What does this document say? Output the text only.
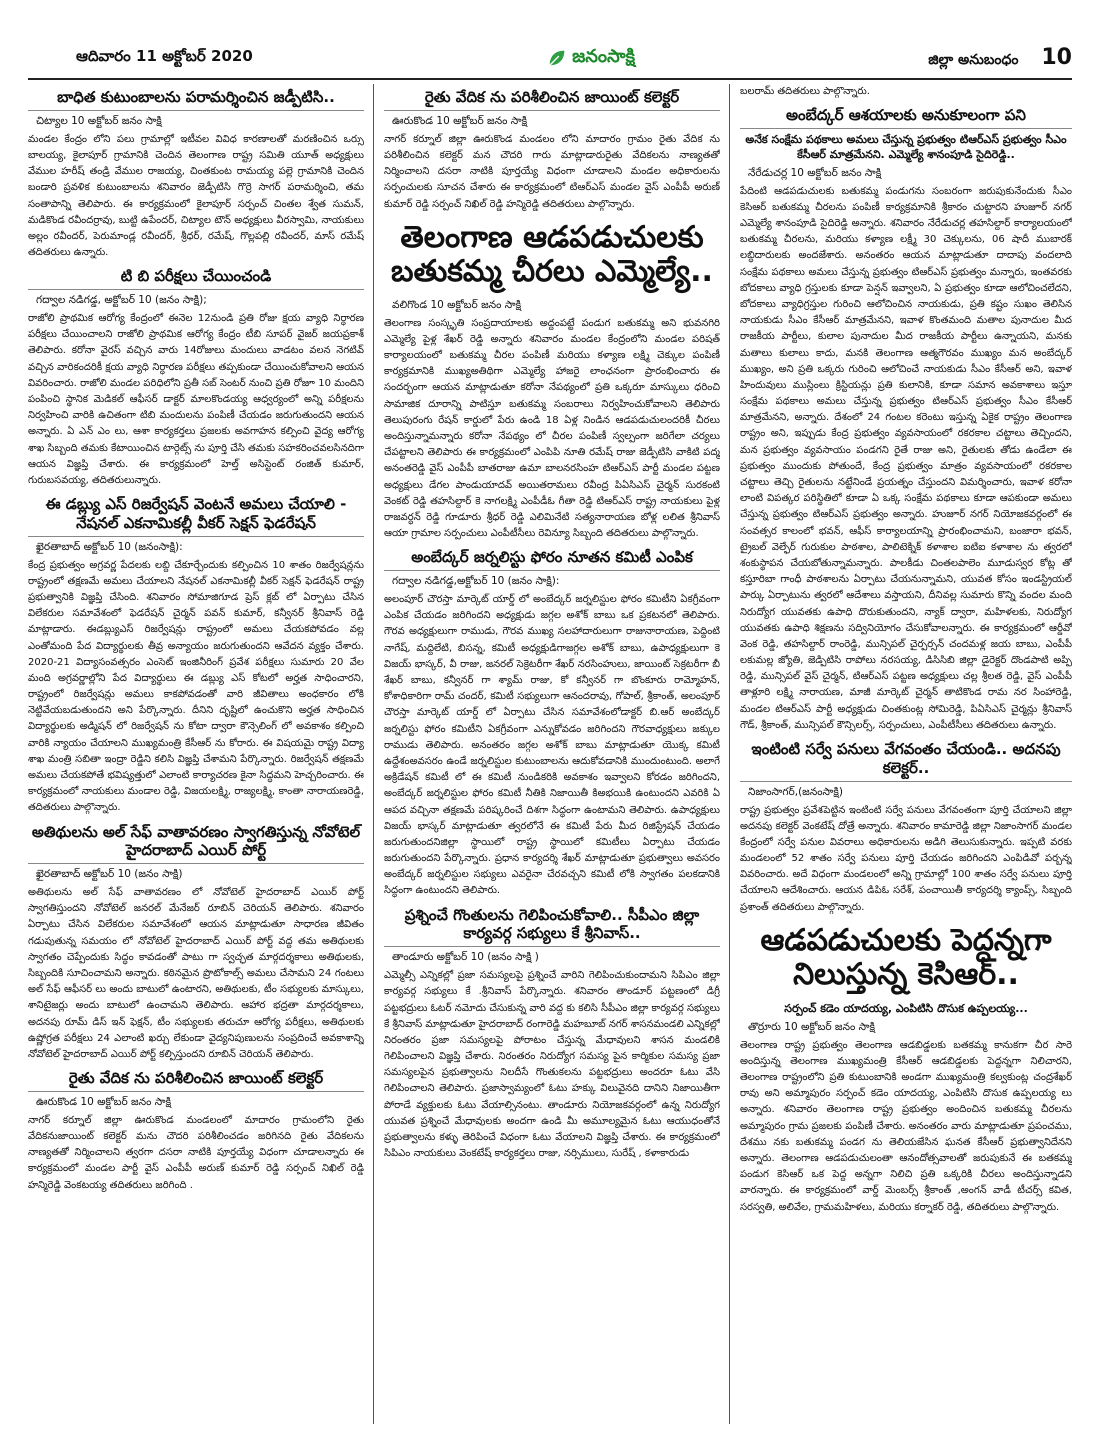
ఆదివారం 11 అక్టోబర్ 2020	జనంసాక్షి	జిల్లా అనుబంధం 10
బాధిత కుటుంబాలను పరామర్శించిన జడ్పీటిసి..
చిట్యాల 10 అక్టోబర్ జనం సాక్షి

మండల కేంద్రం లోని పలు గ్రామాల్లో ఇటీవల వివిధ కారణాలతో మరణించిన ఒర్సు బాలయ్య, కైలాపూర్ గ్రామానికి చెందిన తెలంగాణ రాష్ట్ర సమితి యూత్ అధ్యక్షులు వేముల హరీష్ తండ్రి వేముల రాజయ్య, చింతకుంట రామయ్య పల్లె గ్రామానికి చెందిన బండారి ప్రవళిక కుటుంబాలను శనివారం జెడ్పీటిసి గొర్రె సాగర్ పరామర్శించి, తమ సంతాపాన్ని తెలిపారు. ఈ కార్యక్రమంలో కైలాపూర్ సర్పంచ్ చింతల శ్వేత సుమన్, మడికొండ రవీందర్రావు, బుట్టి ఉపేందర్, చిట్యాల టౌన్ అధ్యక్షులు వీరస్వామి, నాయకులు అల్లం రవీందర్, పెరుమాండ్ల రవీందర్, శ్రీధర్, రమేష్, గొల్లపల్లి రవీందర్, మాస్ రమేష్ తదితరులు ఉన్నారు.

టి బి పరీక్షలు చేయించండి
గద్వాల నడిగడ్డ, అక్టోబర్ 10 (జనం సాక్షి);

రాజోలి ప్రాథమిక ఆరోగ్య కేంద్రంలో ఈనెల 12నుండి ప్రతి రోజు క్షయ వ్యాధి నిర్ధారణ పరీక్షలు చేయించాలని రాజోలి ప్రాథమిక ఆరోగ్య కేంద్రం టీబి సూపర్ వైజర్ జయప్రకాశ్ తెలిపారు. కరోనా వైరస్ వచ్చిన వారు 14రోజులు మందులు వాడటం వలన నెగటివ్ వచ్చిన వారికందరికీ క్షయ వ్యాధి నిర్ధారణ పరీక్షలు తప్పకుండా చేయించుకోవాలని ఆయన వివరించారు. రాజోలి మండల పరిధిలోని ప్రతీ సబ్ సెంటర్ నుంచి ప్రతి రోజూ 10 మందిని పంపించి స్థానిక మెడికల్ ఆఫీసర్ డాక్టర్ మాలకొండయ్య ఆధ్వర్యంలో అన్ని పరీక్షలను నిర్వహించి వారికి ఉచితంగా టిబి మందులను పంపిణీ చేయడం జరుగుతుందని ఆయన అన్నారు. ఏ ఎన్ ఎం లు, ఆశా కార్యకర్తలు ప్రజలకు అవగాహన కల్పించి వైద్య ఆరోగ్య శాఖ సిబ్బంది తమకు కేటాయించిన టార్గెట్స్ ను పూర్తి చేసి తమకు సహకరించవలసినదిగా ఆయన విజ్ఞప్తి చేశారు. ఈ కార్యక్రమంలో హెల్త్ అసిస్టెంట్ రంజిత్ కుమార్, గురుబసవయ్య, తదితరులున్నారు.

ఈ డబ్ల్యు ఎస్ రిజర్వేషన్ వెంటనే అమలు చేయాలి - నేషనల్ ఎకనామికల్లీ వీకర్ సెక్షన్ ఫెడరేషన్
ఖైరతాబాద్ అక్టోబర్ 10 (జనంసాక్షి):

కేంద్ర ప్రభుత్వం అగ్రవర్ణ పేదలకు లబ్ది చేకూర్చేందుకు కల్పించిన 10 శాతం రిజర్వేషన్లను రాష్ట్రంలో తక్షణమే అమలు చేయాలని నేషనల్ ఎకనామికల్లీ వీకర్ సెక్షన్ ఫెడరేషన్ రాష్ట్ర ప్రభుత్వానికి విజ్ఞప్తి చేసింది. శనివారం సోమాజిగూడ ప్రెస్ క్లబ్ లో ఏర్పాటు చేసిన విలేకరుల సమావేశంలో ఫెడరేషన్ చైర్మన్ పవన్ కుమార్, కన్వీనర్ శ్రీనివాస్ రెడ్డి మాట్లాడారు. ఈడబ్ల్యుఎస్ రిజర్వేషన్లు రాష్ట్రంలో అమలు చేయకపోవడం వల్ల ఎంతోమంది పేద విద్యార్థులకు తీవ్ర అన్యాయం జరుగుతుందని ఆవేదన వ్యక్తం చేశారు. 2020-21 విద్యాసంవత్సరం ఎంసెట్ ఇంజినీరింగ్ ప్రవేశ పరీక్షలు సుమారు 20 వేల మంది అగ్రవర్ణాల్లోని పేద విద్యార్థులు ఈ డబ్ల్యు ఎస్ కోటలో అర్హత సాధించారని, రాష్ట్రంలో రిజర్వేషన్లు అమలు కాకపోవడంతో వారి జీవితాలు అంధకారం లోకి నెట్టివేయబడుతుందని అని పేర్కొన్నారు. దీనిని దృష్టిలో ఉంచుకొని అర్హత సాధించిన విద్యార్థులకు అడ్మిషన్ లో రిజర్వేషన్ ను కోటా ద్వారా కౌన్సెలింగ్ లో అవకాశం కల్పించి వారికి న్యాయం చేయాలని ముఖ్యమంత్రి కేసీఆర్ ను కోరారు. ఈ విషయమై రాష్ట్ర విద్యా శాఖ మంత్రి సబితా ఇంద్రా రెడ్డిని కలిసి విజ్ఞప్తి చేశామని పేర్కొన్నారు. రిజర్వేషన్ తక్షణమే అమలు చేయకపోతే భవిష్యత్తులో ఎలాంటి కార్యాచరణ కైనా సిద్ధమని హెచ్చరించారు. ఈ కార్యక్రమంలో నాయకులు మండాల రెడ్డి, విజయలక్ష్మి, రాజ్యలక్ష్మి, కాంతా నారాయణరెడ్డి, తదితరులు పాల్గొన్నారు.

అతిథులను అల్ సేఫ్ వాతావరణం స్వాగతిస్తున్న నోవోటెల్ హైదరాబాద్ ఎయిర్ పోర్ట్
ఖైరతాబాద్ అక్టోబర్ 10 (జనం సాక్షి)

అతిథులను అల్ సేఫ్ వాతావరణం లో నోవోటెల్ హైదరాబాద్ ఎయిర్ పోర్ట్ స్వాగతిస్తుందని నోవోటెల్ జనరల్ మేనేజర్ రూబిన్ చెరియన్ తెలిపారు. శనివారం ఏర్పాటు చేసిన విలేకరుల సమావేశంలో ఆయన మాట్లాడుతూ సాధారణ జీవితం గడుపుతున్న సమయం లో నోవోటెల్ హైదరాబాద్ ఎయిర్ పోర్ట్ వద్ద తమ అతిథులకు స్వాగతం చెప్పేందుకు సిద్ధం కావడంతో పాటు గా స్వచ్ఛత మార్గదర్శకాలు అతిథులకు, సిబ్బందికి సూచించామని అన్నారు. కఠినమైన ప్రొటోకాల్స్ అమలు చేసామని 24 గంటలు అల్ సేఫ్ ఆఫీసర్ లు అందు బాటులో ఉంటారని, అతిథులకు, టీం సభ్యులకు మాస్కులు, శానిటైజర్లు అందు బాటులో ఉంచామని తెలిపారు. ఆహార భద్రతా మార్గదర్శకాలు, అదనపు రూమ్ డిస్ ఇన్ ఫెక్షన్, టీం సభ్యులకు తరుచూ ఆరోగ్య పరీక్షలు, అతిథులకు ఉష్ణోగ్రత పరీక్షలు 24 ఎలాంటి ఖర్చు లేకుండా వైద్యనిపుణులను సంప్రదించే అవకాశాన్ని నోవోటెల్ హైదరాబాద్ ఎయిర్ పోర్ట్ కల్పిస్తుందని రూబిన్ చెరియన్ తెలిపారు.

రైతు వేదిక ను పరిశీలించిన జాయింట్ కలెక్టర్
ఊరుకొండ 10 అక్టోబర్ జనం సాక్షి

నాగర్ కర్నూల్ జిల్లా ఊరుకొండ మండలంలో మాదారం గ్రామంలోని రైతు వేదికనుజాయింట్ కలెక్టర్ మను చౌదరి పరిశీలించడం జరిగినది రైతు వేదికలను నాణ్యతతో నిర్మించాలని త్వరగా దసరా నాటికి పూర్తయ్యే విధంగా చూడాలన్నారు ఈ కార్యక్రమంలో మండల పార్టీ వైస్ ఎంపీపీ అరుణ్ కుమార్ రెడ్డి సర్పంచ్ నిఖిల్ రెడ్డి హన్మిరెడ్డి వెంకటయ్య తదితరులు జరిగింది .

రైతు వేదిక ను పరిశీలించిన జాయింట్ కలెక్టర్
ఊరుకొండ 10 అక్టోబర్ జనం సాక్షి

నాగర్ కర్నూల్ జిల్లా ఊరుకొండ మండలం లోని మాదారం గ్రామం రైతు వేదిక ను పరిశీలించిన కలెక్టర్ మన చౌదరి గారు మాట్లాడారురైతు వేదికలను నాణ్యతతో నిర్మించాలని దసరా నాటికి పూర్తయ్యే విధంగా చూడాలని మండల అధికారులను సర్పంచులకు సూచన చేశారు ఈ కార్యక్రమంలో టిఆర్ఎస్ మండల వైస్ ఎంపీపీ అరుణ్ కుమార్ రెడ్డి సర్పంచ్ నిఖిల్ రెడ్డి హన్మిరెడ్డి తదితరులు పాల్గొన్నారు.

తెలంగాణ ఆడపడుచులకు బతుకమ్మ చీరలు ఎమ్మెల్యే..
వలిగొండ 10 అక్టోబర్ జనం సాక్షి

తెలంగాణ సంస్కృతి సంప్రదాయాలకు అద్దంపట్టే పండుగ బతుకమ్మ అని భువనగిరి ఎమ్మెల్యే పైళ్ల శేఖర్ రెడ్డి అన్నారు శనివారం మండల కేంద్రంలోని మండల పరిషత్ కార్యాలయంలో బతుకమ్మ చీరల పంపిణీ మరియు కళ్యాణ లక్ష్మి చెక్కుల పంపిణీ కార్యక్రమానికి ముఖ్యఅతిథిగా ఎమ్మెల్యే హాజరై లాంఛనంగా ప్రారంభించారు ఈ సందర్భంగా ఆయన మాట్లాడుతూ కరోనా నేపథ్యంలో ప్రతి ఒక్కరూ మాస్కులు ధరించి సామాజిక దూరాన్ని పాటిస్తూ బతుకమ్మ సంబరాలు నిర్వహించుకోవాలని తెలిపారు తెలుపురంగు రేషన్ కార్డులో పేరు ఉండి 18 ఏళ్ల నిండిన ఆడపడుచులందరికీ చీరలు అందిస్తున్నామన్నారు కరోనా నేపథ్యం లో చీరల పంపిణీ స్వల్పంగా జరిగేలా చర్యలు చేపట్టాలని తెలిపారు ఈ కార్యక్రమంలో ఎంపిపి నూతి రమేష్ రాజు జెడ్పీటిసి వాకిటి పద్మ అనంతరెడ్డి వైస్ ఎంపీపీ బాతరాజు ఉమా బాలనరసింహ టిఆర్ఎస్ పార్టీ మండల పట్టణ అధ్యక్షులు డేగల పాండుయాదవ్ అయితరామలు రవీంద్ర పిఏసిఎస్ చైర్మన్ సురకంటి వెంకట్ రెడ్డి తహసిల్దార్ కె నాగలక్ష్మి ఎంపీడీఓ గీతా రెడ్డి టిఆర్ఎస్ రాష్ట్ర నాయకులు పైళ్ల రాజవర్ధన్ రెడ్డి గూడూరు శ్రీధర్ రెడ్డి ఎలిమినేటి సత్యనారాయణ బోళ్ల లలిత శ్రీనివాస్ ఆయా గ్రామాల సర్పంచులు ఎంపీటీసీలు రెవిన్యూ సిబ్బంది తదితరులు పాల్గొన్నారు.

అంబేద్కర్ జర్నలిస్టు ఫోరం నూతన కమిటీ ఎంపిక
గద్వాల నడిగడ్డ,అక్టోబర్ 10 (జనం సాక్షి):

అలంపూర్ చౌరస్తా మార్కెట్ యార్డ్ లో అంబేద్కర్ జర్నలిస్టుల ఫోరం కమిటీని ఏకగ్రీవంగా ఎంపిక చేయడం జరిగిందని అధ్యక్షుడు జగ్గల అశోక్ బాబు ఒక ప్రకటనలో తెలిపారు. గౌరవ అధ్యక్షులుగా రాముడు, గౌరవ ముఖ్య సలహాదారులుగా రాజునారాయణ, పెద్దింటి నాగేష్, మద్దిలేటి, బిసన్న, కమిటీ అధ్యక్షుడిగాజగ్గల అశోక్ బాబు, ఉపాధ్యక్షులుగా కె విజయ్ భాస్కర్, వీ రాజు, జనరల్ సెక్రెటరీగా శేఖర్ నరసింహులు, జాయింట్ సెక్రటరీగా బీ శేఖర్ బాబు, కన్వీనర్ గా శ్యామ్ రాజు, కో కన్వీనర్ గా బొంకూరు రామ్మోహన్, కోశాధికారిగా రామ్ చందర్, కమిటీ సభ్యులుగా ఆనందరావు, గోపాల్, శ్రీకాంత్, అలంపూర్ చౌరస్తా మార్కెట్ యార్డ్ లో ఏర్పాటు చేసిన సమావేశంలోడాక్టర్ బి.ఆర్ అంబేద్కర్ జర్నలిస్టు ఫోరం కమిటీని ఏకగ్రీవంగా ఎన్నుకోవడం జరిగిందని గౌరవాధ్యక్షులు జక్కుల రాముడు తెలిపారు. అనంతరం జగ్గల అశోక్ బాబు మాట్లాడుతూ యొక్క కమిటీ ఉద్దేశంఅవసరం ఉండే జర్నలిస్టుల కుటుంబాలను ఆదుకోవడానికి ముందుంటుంది. అలాగే అక్రిడేషన్ కమిటీ లో ఈ కమిటీ నుండికరికి అవకాశం ఇవ్వాలని కోరడం జరిగిందని, అంబేద్కర్ జర్నలిస్టుల ఫోరం కమిటీ నీతికి నిజాయితీ కిఅభయికి ఉంటుందని ఎవరికి ఏ ఆపద వచ్చినా తక్షణమే పరిష్కరించే దిశగా సిద్ధంగా ఉంటామని తెలిపారు. ఉపాధ్యక్షులు విజయ్ భాస్కర్ మాట్లాడుతూ త్వరలోనే ఈ కమిటీ పేరు మీద రిజిస్ట్రేషన్ చేయడం జరుగుతుందనిజిల్లా స్థాయిలో రాష్ట్ర స్థాయిలో కమిటీలు ఏర్పాటు చేయడం జరుగుతుందని పేర్కొన్నారు. ప్రధాన కార్యదర్శి శేఖర్ మాట్లాడుతూ ప్రభుత్వాలు అవసరం అంబేద్కర్ జర్నలిస్టుల సభ్యులు ఎవరైనా చేరవచ్చని కమిటీ లోకి స్వాగతం పలకడానికి సిద్ధంగా ఉంటుందని తెలిపారు.

ప్రశ్నించే గొంతులను గెలిపించుకోవాలి.. సీపీఎం జిల్లా కార్యవర్గ సభ్యులు కే శ్రీనివాస్..
తాండూరు అక్టోబర్ 10 (జనం సాక్షి )

ఎమ్మెల్సీ ఎన్నికల్లో ప్రజా సమస్యలపై ప్రశ్నించే వారిని గెలిపించుకుందామని సిపిఎం జిల్లా కార్యవర్గ సభ్యులు కే .శ్రీనివాస్ పేర్కొన్నారు. శనివారం తాండూర్ పట్టణంలో డిగ్రీ పట్టభద్రులు ఓటర్ నమోదు చేసుకున్న వారి వద్ద కు కలిసి సీపీఎం జిల్లా కార్యవర్గ సభ్యులు కే శ్రీనివాస్ మాట్లాడుతూ హైదరాబాద్ రంగారెడ్డి మహబూబ్ నగర్ శాసనమండలి ఎన్నికల్లో నిరంతరం ప్రజా సమస్యలపై పోరాటం చేస్తున్న మేధావులని శాసన మండలికి గెలిపించాలని విజ్ఞప్తి చేశారు. నిరంతరం నిరుద్యోగ సమస్య పైన కార్మికుల సమస్య ప్రజా సమస్యలపైన ప్రభుత్వాలను నిలదీసే గొంతుకలను పట్టభద్రులు అందరూ ఓటు వేసి గెలిపించాలని తెలిపారు. ప్రజాస్వామ్యంలో ఓటు హక్కు విలువైనది దానిని నిజాయితీగా పోరాడే వ్యక్తులకు ఓటు వేయాల్సినంటు. తాండూరు నియోజకవర్గంలో ఉన్న నిరుద్యోగ యువత ప్రశ్నించే మేధావులకు అందగా ఉండి మీ అమూల్యమైన ఓటు ఆయుధంతోనే ప్రభుత్వాలను కళ్ళు తెరిపించే విధంగా ఓటు వేయాలని విజ్ఞప్తి చేశారు. ఈ కార్యక్రమంలో సిపిఎం నాయకులు వెంకటేష్ కార్యకర్తలు రాజు, నర్సిములు, సురేష్ , కళాకారుడు

బలరామ్ తదితరులు పాల్గొన్నారు.

అంబేద్కర్ ఆశయాలకు అనుకూలంగా పని
అనేక సంక్షేమ పథకాలు అమలు చేస్తున్న ప్రభుత్వం టిఆర్ఎస్ ప్రభుత్వం సీఎం కేసీఆర్ మాత్రమేనని. ఎమ్మెల్యే శానంపూడి సైదిరెడ్డి..
నేరేడుచర్ల 10 అక్టోబర్ జనం సాక్షి

పేదింటి ఆడపడుచులకు బతుకమ్మ పండుగను సంబరంగా జరుపుకునేందుకు సీఎం కెసిఆర్ బతుకమ్మ చీరలను పంపిణీ కార్యక్రమానికి శ్రీకారం చుట్టారని హుజూర్ నగర్ ఎమ్మెల్యే శానంపూడి సైదిరెడ్డి అన్నారు. శనివారం నేరేడుచర్ల తహసిల్దార్ కార్యాలయంలో బతుకమ్మ చీరలను, మరియు కళ్యాణ లక్ష్మీ 30 చెక్కులను, 06 షాదీ ముబారక్ లబ్ధిదారులకు అందజేశారు. అనంతరం ఆయన మాట్లాడుతూ దాదాపు వందలాది సంక్షేమ పథకాలు అమలు చేస్తున్న ప్రభుత్వం టిఆర్ఎస్ ప్రభుత్వం మన్నారు, ఇంతవరకు బోదకాలు వ్యాధి గ్రస్తులకు కూడా పెన్షన్ ఇవ్వాలని, ఏ ప్రభుత్వం కూడా ఆలోచించలేదని, బోదకాలు వ్యాధిగ్రస్తుల గురించి ఆలోచించిన నాయకుడు, ప్రతి కష్టం సుఖం తెలిసిన నాయకుడు సీఎం కేసీఆర్ మాత్రమేనని, ఇవాళ కొంతమంది మతాల పునాదుల మీద రాజకీయ పార్టీలు, కులాల పునాదుల మీద రాజకీయ పార్టీలు ఉన్నాయని, మనకు మతాలు కులాలు కాదు, మనకి తెలంగాణ ఆత్మగౌరవం ముఖ్యం మన అంబేద్కర్ ముఖ్యం, అని ప్రతి ఒక్కరు గురించి ఆలోచించే నాయకుడు సీఎం కేసీఆర్ అని, ఇవాళ హిందువులు ముస్లింలు క్రిస్టియన్లు ప్రతి కులానికి, కూడా సమాన అవకాశాలు ఇస్తూ సంక్షేమ పథకాలు అమలు చేస్తున్న ప్రభుత్వం టిఆర్ఎస్ ప్రభుత్వం సీఎం కేసీఆర్ మాత్రమేనని, అన్నారు. దేశంలో 24 గంటల కరెంటు ఇస్తున్న ఏకైక రాష్ట్రం తెలంగాణ రాష్ట్రం అని, ఇప్పుడు కేంద్ర ప్రభుత్వం వ్యవసాయంలో రకరకాల చట్టాలు తెచ్చిందని, మన ప్రభుత్వం వ్యవసాయం పండగని రైతే రాజు అని, రైతులకు తోడు ఉండేలా ఈ ప్రభుత్వం ముందుకు పోతుందే, కేంద్ర ప్రభుత్వం మాత్రం వ్యవసాయంలో రకరకాల చట్టాలు తెచ్చి రైతులను నట్టేనిండే ప్రయత్నం చేస్తుందని విమర్శించారు, ఇవాళ కరోనా లాంటి విపత్కర పరిస్థితిలో కూడా ఏ ఒక్క సంక్షేమ పథకాలు కూడా ఆపకుండా అమలు చేస్తున్న ప్రభుత్వం టిఆర్ఎస్ ప్రభుత్వం అన్నారు. హుజూర్ నగర్ నియోజకవర్గంలో ఈ సంవత్సర కాలంలో భవన్, ఆఫీస్ కార్యాలయాన్ని ప్రారంభించామని, బంజారా భవన్, ట్రైబల్ వెల్ఫేర్ గురుకుల పాఠశాల, పాలిటెక్నిక్ కళాశాల ఐటిఐ కళాశాల ను త్వరలో శంకుస్థాపన చేయబోతున్నామన్నారు. పాలకీడు చింతలపాలెం మూడుస్వర కోట్ల తో కస్తూరిబా గాంధీ పాఠశాలను ఏర్పాటు చేయనున్నామని, యువత కోసం ఇండస్ట్రియల్ పార్కు ఏర్పాటును త్వరలో ఆదేశాలు వస్తాయని, దీనివల్ల సుమారు కొన్ని వందల మంది నిరుద్యోగ యువతకు ఉపాధి దొరుకుతుందని, న్యాక్ ద్వారా, మహిళలకు, నిరుద్యోగ యువతకు ఉపాధి శిక్షణను సద్వినియోగం చేసుకోవాలన్నారు. ఈ కార్యక్రమంలో ఆర్డీవో వెంక రెడ్డి, తహసిల్దార్ రాంరెడ్డి, మున్సిపల్ చైర్పర్సన్ చందమళ్ల జయ బాబు, ఎంపీపీ లకుమల్ల జ్యోతి, జెడ్పిటిసి రాపోలు నరసయ్య, డిసిసిబి జిల్లా డైరెక్టర్ దొండపాటి అప్పి రెడ్డి, మున్సిపల్ వైస్ చైర్మన్, టిఆర్ఎస్ పట్టణ అధ్యక్షులు చల్ల శ్రీలత రెడ్డి, వైస్ ఎంపీపీ తాళ్లూరి లక్ష్మి నారాయణ, మాజీ మార్కెట్ చైర్మన్ తాటికొండ రామ నర సింహారెడ్డి, మండల టిఆర్ఎస్ పార్టీ అధ్యక్షుడు చింతకుంట్ల సోమిరెడ్డి, పిఏసిఎస్ చైర్మన్లు శ్రీనివాస్ గౌడ్, శ్రీకాంత్, మున్సిపల్ కౌన్సిలర్స్, సర్పంచులు, ఎంపీటీసీలు తదితరులు ఉన్నారు.

ఇంటింటి సర్వే పనులు వేగవంతం చేయండి.. అదనపు కలెక్టర్..
నిజాంసాగర్,(జనంసాక్షి)

రాష్ట్ర ప్రభుత్వం ప్రవేశపెట్టిన ఇంటింటి సర్వే పనులు వేగవంతంగా పూర్తి చేయాలని జిల్లా అదనపు కలెక్టర్ వెంకటేష్ దోత్రే అన్నారు. శనివారం కామారెడ్డి జిల్లా నిజాంసాగర్ మండల కేంద్రంలో సర్వే పనుల వివరాలు అధికారులను అడిగి తెలుసుకున్నారు. ఇప్పటి వరకు మండలంలో 52 శాతం సర్వే పనులు పూర్తి చేయడం జరిగిందని ఎంపిడివో పర్బన్న వివరించారు. అదే విధంగా మండలంలో అన్ని గ్రామాల్లో 100 శాతం సర్వే పనులు పూర్తి చేయాలని ఆదేశించారు. ఆయన డిపిఓ సరేశ్, పంచాయితీ కార్యదర్శి క్యాంప్స్, సిబ్బంది ప్రశాంత్ తదితరులు పాల్గొన్నారు.

ఆడపడుచులకు పెద్దన్నగా నిలుస్తున్న కెసిఆర్..
సర్పంచ్ కడెం యాదయ్య, ఎంపిటిసి దొసుక ఉప్పలయ్య...
తొర్రూరు 10 అక్టోబర్ జనం సాక్షి

తెలంగాణ రాష్ట్ర ప్రభుత్వం తెలంగాణ ఆడబిడ్డలకు బతకమ్మ కానుకగా చీర సారె అందిస్తున్న తెలంగాణ ముఖ్యమంత్రి కేసీఆర్ ఆడబిడ్డలకు పెద్దన్నగా నిలిచారని, తెలంగాణ రాష్ట్రంలోని ప్రతి కుటుంబానికి అండగా ముఖ్యమంత్రి కల్వకుంట్ల చంద్రశేఖర్ రావు అని అమ్మాపురం సర్పంచ్ కడెం యాదయ్య, ఎంపిటిసి దొసుక ఉప్పలయ్య లు అన్నారు. శనివారం తెలంగాణ రాష్ట్ర ప్రభుత్వం అందించిన బతుకమ్మ చీరలను అమ్మాపురం గ్రామ ప్రజలకు పంపిణీ చేశారు. అనంతరం వారు మాట్లాడుతూ ప్రపంచము, దేశము నకు బతుకమ్మ పండగ ను తెలియజేసిన ఘనత కేసీఆర్ ప్రభుత్వానిదేనని అన్నారు. తెలంగాణ ఆడపడుచులంతా ఆనందోత్సవాలతో జరుపుకునే ఈ బతకమ్మ పండుగ కెసిఆర్ ఒక పెద్ద అన్నగా నిలిచి ప్రతి ఒక్కరికి చీరలు అందిస్తున్నాడని వారన్నారు. ఈ కార్యక్రమంలో వార్డ్ మెంబర్స్ శ్రీకాంత్ ,అంగన్ వాడీ టీచర్స్ కవిత, సరస్వతి, అలివేల, గ్రామమహిళలు, మరియు కర్నాకర్ రెడ్డి, తదితరులు పాల్గొన్నారు.
